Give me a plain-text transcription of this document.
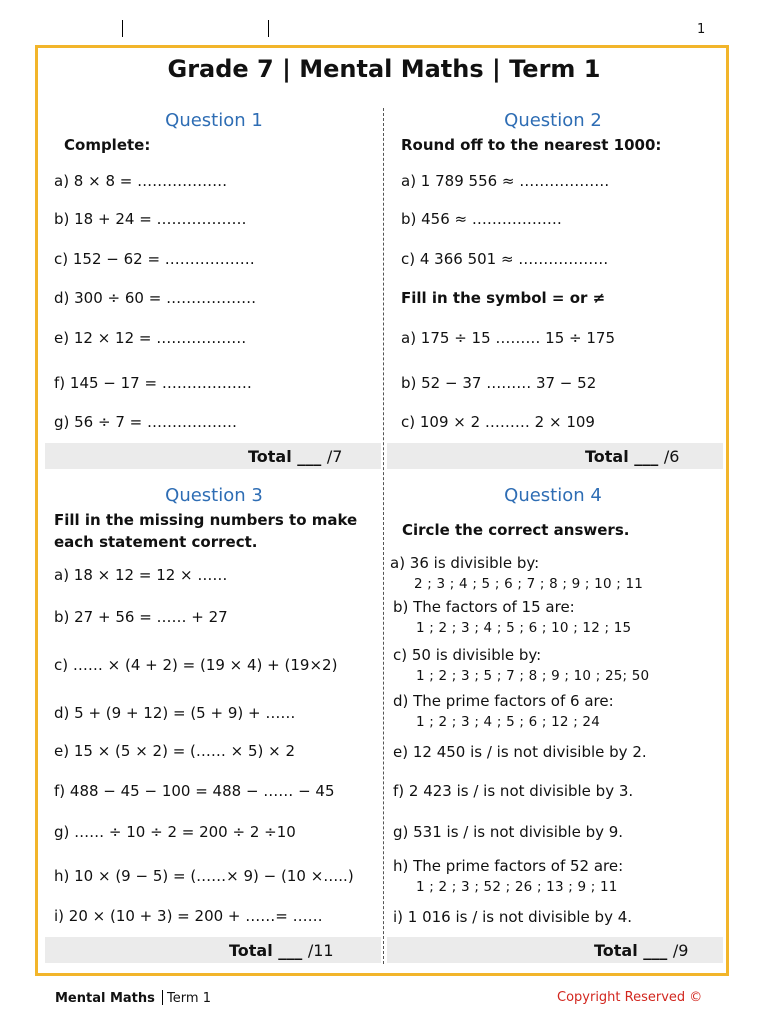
1
Grade 7 | Mental Maths | Term 1
Question 1
Complete:
a) 8 × 8 = ………………
b) 18 + 24 = ………………
c) 152 − 62 = ………………
d) 300 ÷ 60 = ………………
e) 12 × 12 = ………………
f) 145 − 17 = ………………
g) 56 ÷ 7 = ………………
Total ___ /7
Question 2
Round off to the nearest 1000:
a) 1 789 556 ≈ ………………
b) 456 ≈ ………………
c) 4 366 501 ≈ ………………
Fill in the symbol = or ≠
a) 175 ÷ 15 ……… 15 ÷ 175
b) 52 − 37 ……… 37 − 52
c) 109 × 2 ……… 2 × 109
Total ___ /6
Question 3
Fill in the missing numbers to make
each statement correct.
a) 18 × 12 = 12 × ……
b) 27 + 56 = …… + 27
c) …… × (4 + 2) = (19 × 4) + (19×2)
d) 5 + (9 + 12) = (5 + 9) + ……
e) 15 × (5 × 2) = (…… × 5) × 2
f) 488 − 45 − 100 = 488 − …… − 45
g) …… ÷ 10 ÷ 2 = 200 ÷ 2 ÷10
h) 10 × (9 − 5) = (……× 9) − (10 ×…..)
i) 20 × (10 + 3) = 200 + ……= ……
Total ___ /11
Question 4
Circle the correct answers.
a) 36 is divisible by:
2 ; 3 ; 4 ; 5 ; 6 ; 7 ; 8 ; 9 ; 10 ; 11
b) The factors of 15 are:
1 ; 2 ; 3 ; 4 ; 5 ; 6 ; 10 ; 12 ; 15
c) 50 is divisible by:
1 ; 2 ; 3 ; 5 ; 7 ; 8 ; 9 ; 10 ; 25; 50
d) The prime factors of 6 are:
1 ; 2 ; 3 ; 4 ; 5 ; 6 ; 12 ; 24
e) 12 450 is / is not divisible by 2.
f) 2 423 is / is not divisible by 3.
g) 531 is / is not divisible by 9.
h) The prime factors of 52 are:
1 ; 2 ; 3 ; 52 ; 26 ; 13 ; 9 ; 11
i) 1 016 is / is not divisible by 4.
Total ___ /9
Mental Maths Term 1	Copyright Reserved ©
